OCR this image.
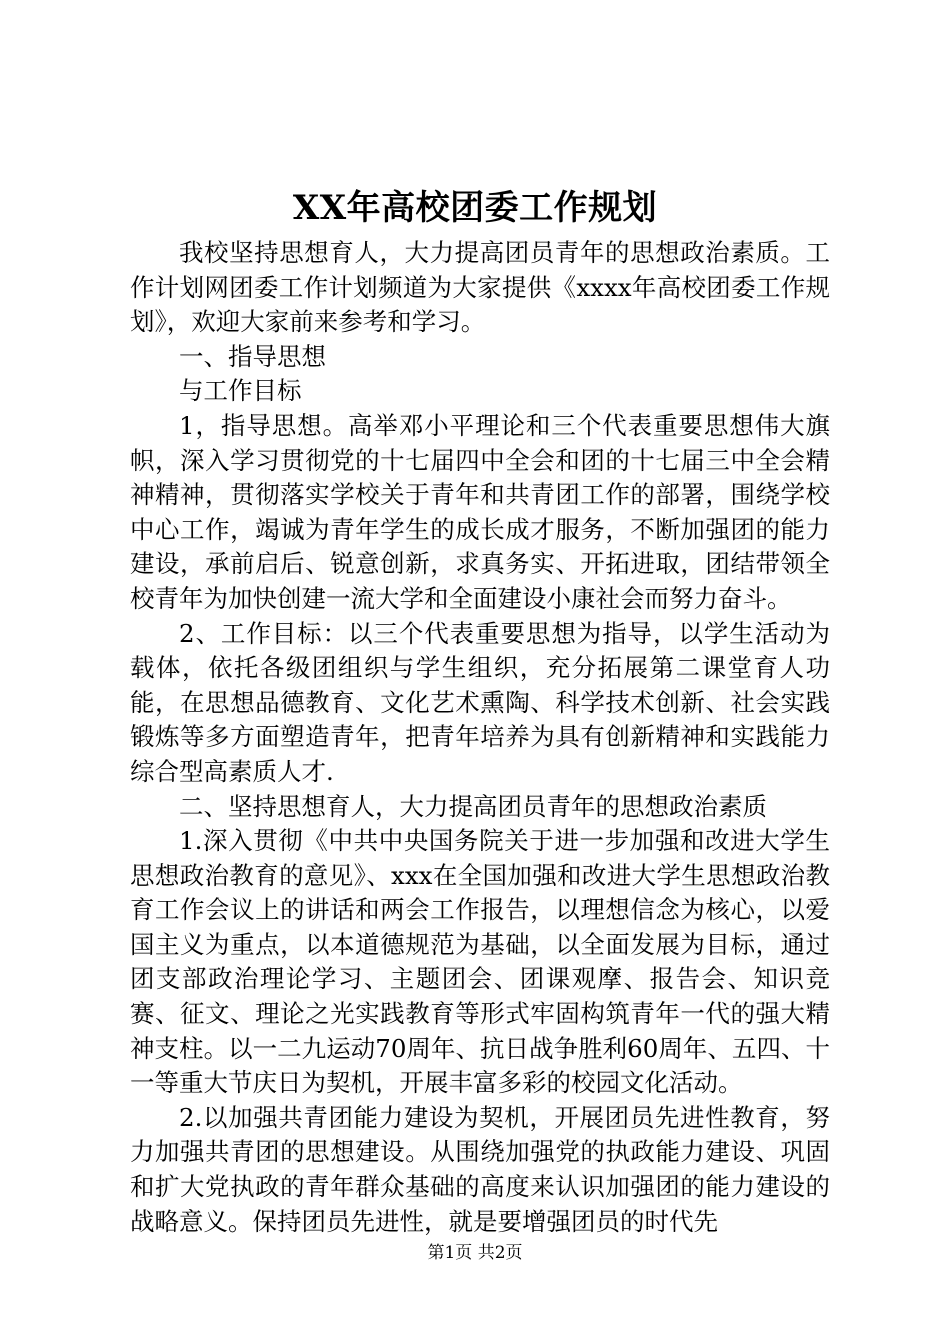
XX年高校团委工作规划

我校坚持思想育人，大力提高团员青年的思想政治素质。工作计划网团委工作计划频道为大家提供《xxxx年高校团委工作规划》，欢迎大家前来参考和学习。

一、指导思想

与工作目标

1，指导思想。高举邓小平理论和三个代表重要思想伟大旗帜，深入学习贯彻党的十七届四中全会和团的十七届三中全会精神精神，贯彻落实学校关于青年和共青团工作的部署，围绕学校中心工作，竭诚为青年学生的成长成才服务，不断加强团的能力建设，承前启后、锐意创新，求真务实、开拓进取，团结带领全校青年为加快创建一流大学和全面建设小康社会而努力奋斗。

2、工作目标：以三个代表重要思想为指导，以学生活动为载体，依托各级团组织与学生组织，充分拓展第二课堂育人功能，在思想品德教育、文化艺术熏陶、科学技术创新、社会实践锻炼等多方面塑造青年，把青年培养为具有创新精神和实践能力综合型高素质人才.

二、坚持思想育人，大力提高团员青年的思想政治素质

1.深入贯彻《中共中央国务院关于进一步加强和改进大学生思想政治教育的意见》、xxx在全国加强和改进大学生思想政治教育工作会议上的讲话和两会工作报告，以理想信念为核心，以爱国主义为重点，以本道德规范为基础，以全面发展为目标，通过团支部政治理论学习、主题团会、团课观摩、报告会、知识竞赛、征文、理论之光实践教育等形式牢固构筑青年一代的强大精神支柱。以一二九运动70周年、抗日战争胜利60周年、五四、十一等重大节庆日为契机，开展丰富多彩的校园文化活动。

2.以加强共青团能力建设为契机，开展团员先进性教育，努力加强共青团的思想建设。从围绕加强党的执政能力建设、巩固和扩大党执政的青年群众基础的高度来认识加强团的能力建设的战略意义。保持团员先进性，就是要增强团员的时代先

第1页 共2页
